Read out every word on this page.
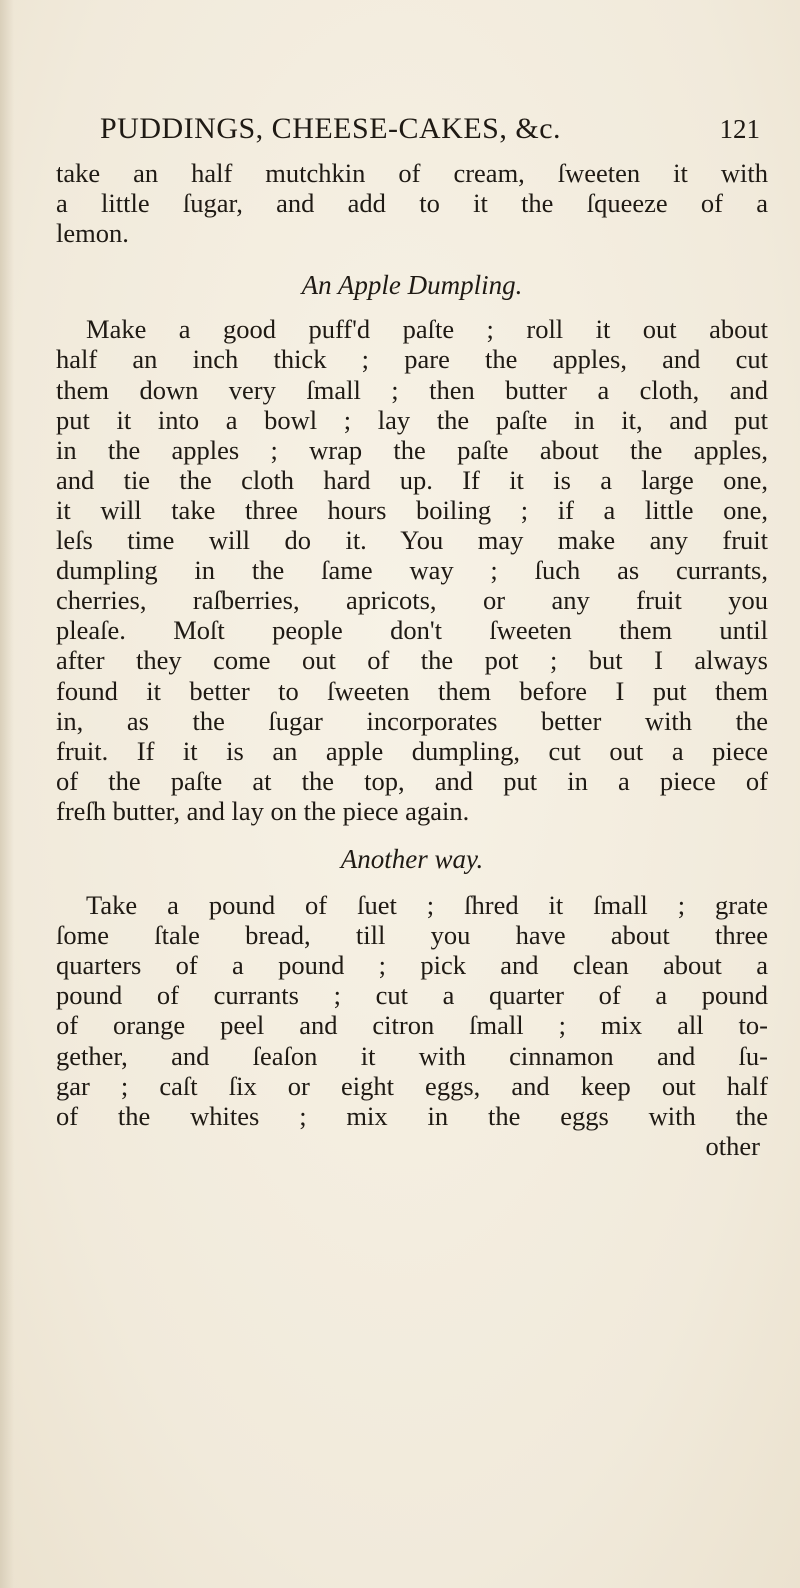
PUDDINGS, CHEESE-CAKES, &c.	121
take an half mutchkin of cream, ſweeten it with
a little ſugar, and add to it the ſqueeze of a
lemon.
An Apple Dumpling.
Make a good puff'd paſte ; roll it out about
half an inch thick ; pare the apples, and cut
them down very ſmall ; then butter a cloth, and
put it into a bowl ; lay the paſte in it, and put
in the apples ; wrap the paſte about the apples,
and tie the cloth hard up. If it is a large one,
it will take three hours boiling ; if a little one,
leſs time will do it. You may make any fruit
dumpling in the ſame way ; ſuch as currants,
cherries, raſberries, apricots, or any fruit you
pleaſe. Moſt people don't ſweeten them until
after they come out of the pot ; but I always
found it better to ſweeten them before I put them
in, as the ſugar incorporates better with the
fruit. If it is an apple dumpling, cut out a piece
of the paſte at the top, and put in a piece of
freſh butter, and lay on the piece again.
Another way.
Take a pound of ſuet ; ſhred it ſmall ; grate
ſome ſtale bread, till you have about three
quarters of a pound ; pick and clean about a
pound of currants ; cut a quarter of a pound
of orange peel and citron ſmall ; mix all to-
gether, and ſeaſon it with cinnamon and ſu-
gar ; caſt ſix or eight eggs, and keep out half
of the whites ; mix in the eggs with the
other
